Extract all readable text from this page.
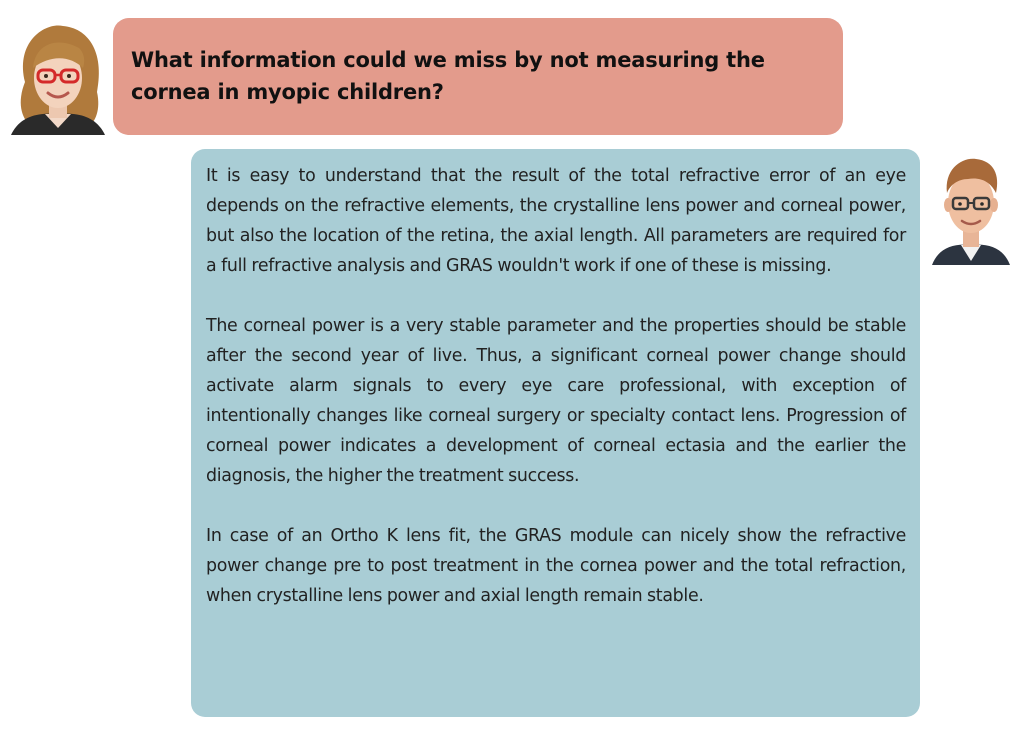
What information could we miss by not measuring the cornea in myopic children?

It is easy to understand that the result of the total refractive error of an eye depends on the refractive elements, the crystalline lens power and corneal power, but also the location of the retina, the axial length. All parameters are required for a full refractive analysis and GRAS wouldn't work if one of these is missing.

The corneal power is a very stable parameter and the properties should be stable after the second year of live. Thus, a significant corneal power change should activate alarm signals to every eye care professional, with exception of intentionally changes like corneal surgery or specialty contact lens. Progression of corneal power indicates a development of corneal ectasia and the earlier the diagnosis, the higher the treatment success.

In case of an Ortho K lens fit, the GRAS module can nicely show the refractive power change pre to post treatment in the cornea power and the total refraction, when crystalline lens power and axial length remain stable.
